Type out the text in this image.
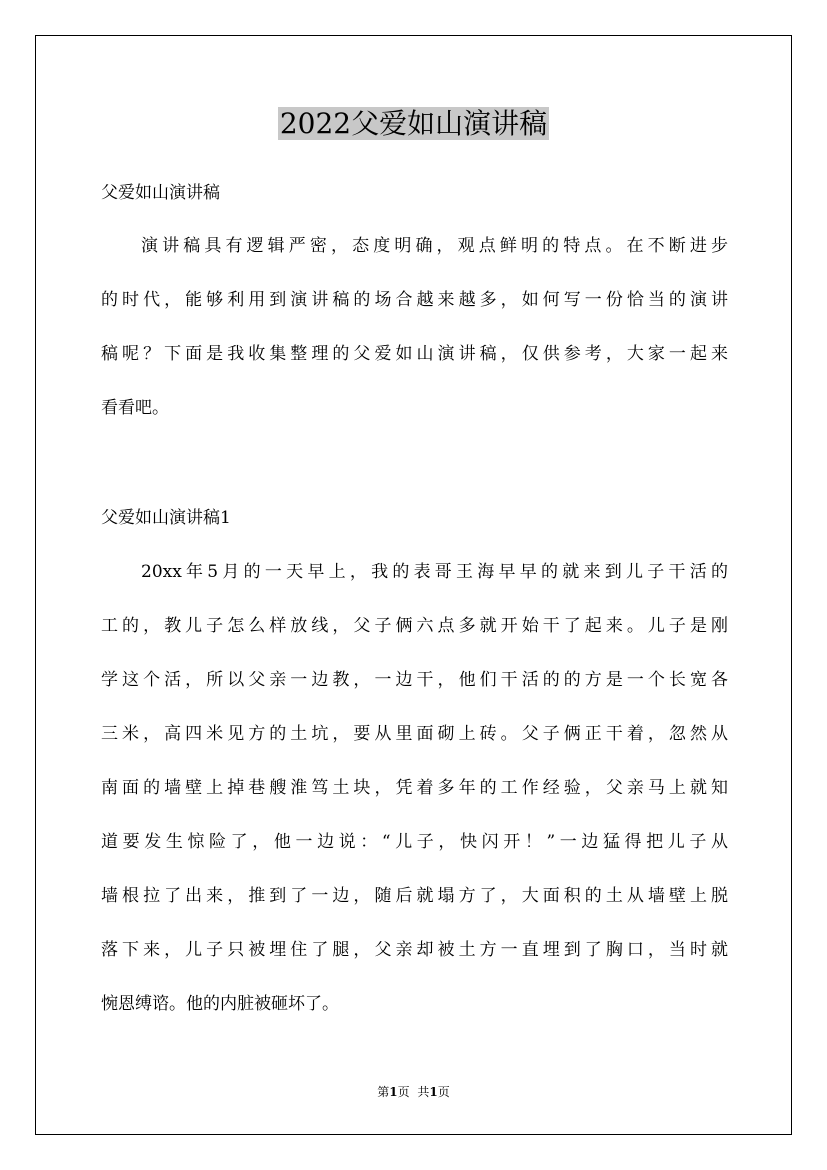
2022父爱如山演讲稿
父爱如山演讲稿
演讲稿具有逻辑严密，态度明确，观点鲜明的特点。在不断进步
的时代，能够利用到演讲稿的场合越来越多，如何写一份恰当的演讲
稿呢？下面是我收集整理的父爱如山演讲稿，仅供参考，大家一起来
看看吧。
父爱如山演讲稿1
20xx年5月的一天早上，我的表哥王海早早的就来到儿子干活的
工的，教儿子怎么样放线，父子俩六点多就开始干了起来。儿子是刚
学这个活，所以父亲一边教，一边干，他们干活的的方是一个长宽各
三米，高四米见方的土坑，要从里面砌上砖。父子俩正干着，忽然从
南面的墙壁上掉巷艘淮笃土块，凭着多年的工作经验，父亲马上就知
道要发生惊险了，他一边说：“儿子，快闪开！”一边猛得把儿子从
墙根拉了出来，推到了一边，随后就塌方了，大面积的土从墙壁上脱
落下来，儿子只被埋住了腿，父亲却被土方一直埋到了胸口，当时就
惋恩缚谘。他的内脏被砸坏了。
第1页 共1页
